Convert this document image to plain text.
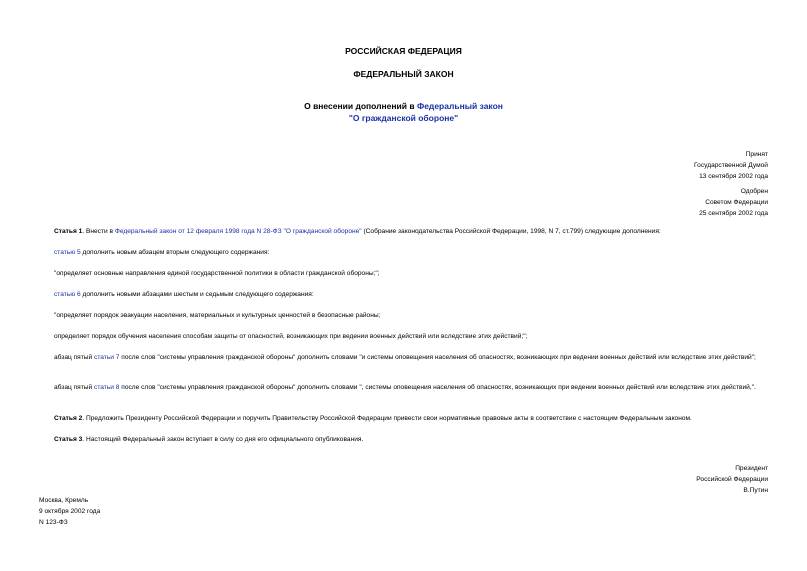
РОССИЙСКАЯ ФЕДЕРАЦИЯ
ФЕДЕРАЛЬНЫЙ ЗАКОН
О внесении дополнений в Федеральный закон
"О гражданской обороне"
Принят
Государственной Думой
13 сентября 2002 года
Одобрен
Советом Федерации
25 сентября 2002 года
Статья 1. Внести в Федеральный закон от 12 февраля 1998 года N 28-ФЗ "О гражданской обороне" (Собрание законодательства Российской Федерации, 1998, N 7, ст.799) следующие дополнения:
статью 5 дополнить новым абзацем вторым следующего содержания:
"определяет основные направления единой государственной политики в области гражданской обороны;";
статью 6 дополнить новыми абзацами шестым и седьмым следующего содержания:
"определяет порядок эвакуации населения, материальных и культурных ценностей в безопасные районы;
определяет порядок обучения населения способам защиты от опасностей, возникающих при ведении военных действий или вследствие этих действий;";
абзац пятый статьи 7 после слов "системы управления гражданской обороны" дополнить словами "и системы оповещения населения об опасностях, возникающих при ведении военных действий или вследствие этих действий";
абзац пятый статьи 8 после слов "системы управления гражданской обороны" дополнить словами ", системы оповещения населения об опасностях, возникающих при ведении военных действий или вследствие этих действий,".
Статья 2. Предложить Президенту Российской Федерации и поручить Правительству Российской Федерации привести свои нормативные правовые акты в соответствие с настоящим Федеральным законом.
Статья 3. Настоящий Федеральный закон вступает в силу со дня его официального опубликования.
Президент
Российской Федерации
В.Путин
Москва, Кремль
9 октября 2002 года
N 123-ФЗ
